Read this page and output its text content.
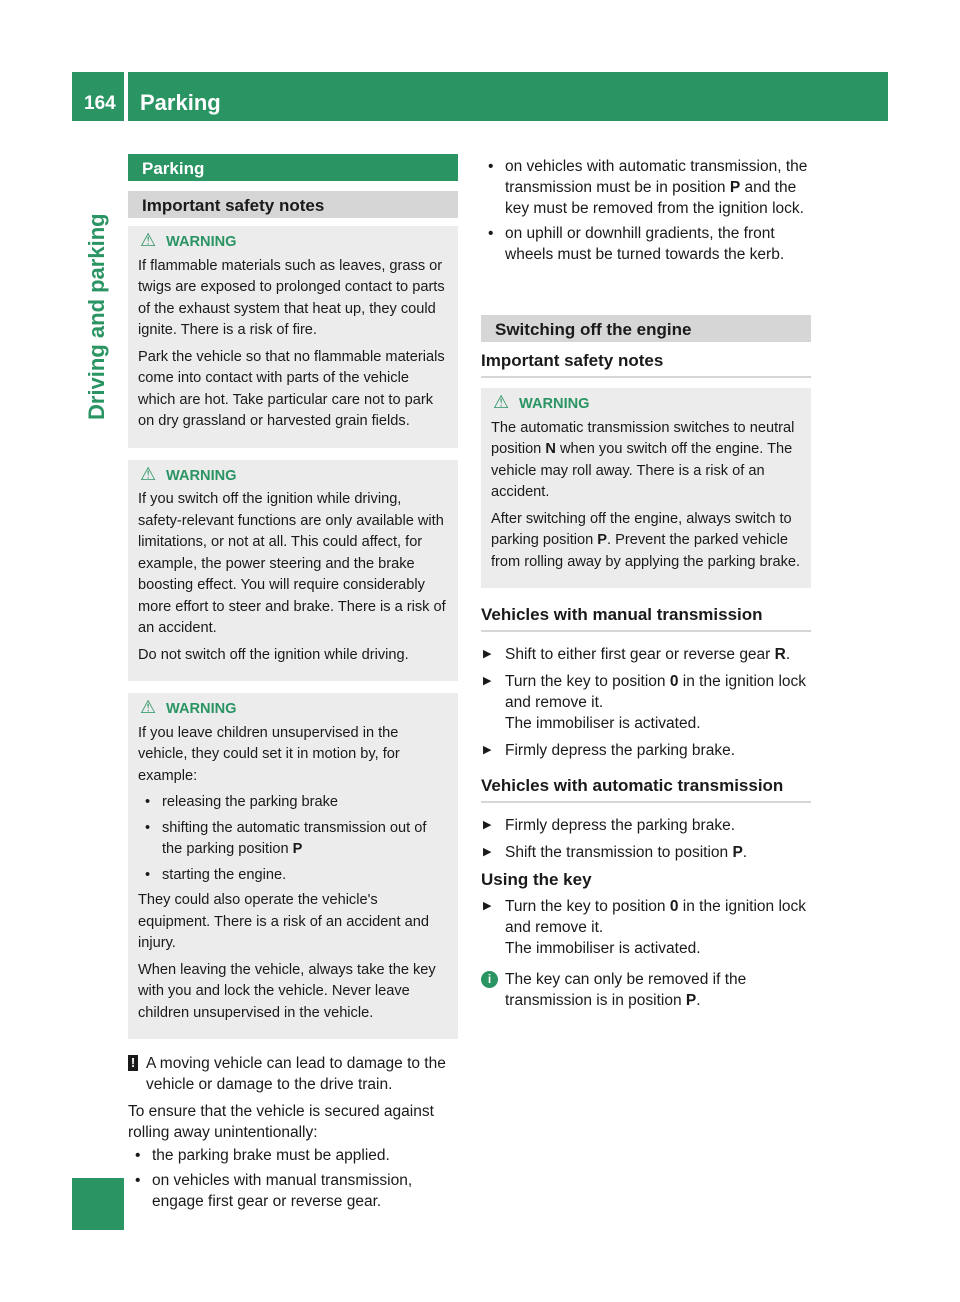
164 Parking
Driving and parking
Parking
Important safety notes
⚠ WARNING

If flammable materials such as leaves, grass or twigs are exposed to prolonged contact to parts of the exhaust system that heat up, they could ignite. There is a risk of fire.

Park the vehicle so that no flammable materials come into contact with parts of the vehicle which are hot. Take particular care not to park on dry grassland or harvested grain fields.

⚠ WARNING

If you switch off the ignition while driving, safety-relevant functions are only available with limitations, or not at all. This could affect, for example, the power steering and the brake boosting effect. You will require considerably more effort to steer and brake. There is a risk of an accident.

Do not switch off the ignition while driving.

⚠ WARNING

If you leave children unsupervised in the vehicle, they could set it in motion by, for example:

• releasing the parking brake
• shifting the automatic transmission out of the parking position P
• starting the engine.

They could also operate the vehicle's equipment. There is a risk of an accident and injury.

When leaving the vehicle, always take the key with you and lock the vehicle. Never leave children unsupervised in the vehicle.

! A moving vehicle can lead to damage to the vehicle or damage to the drive train.

To ensure that the vehicle is secured against rolling away unintentionally:

• the parking brake must be applied.
• on vehicles with manual transmission, engage first gear or reverse gear.
• on vehicles with automatic transmission, the transmission must be in position P and the key must be removed from the ignition lock.
• on uphill or downhill gradients, the front wheels must be turned towards the kerb.
Switching off the engine
Important safety notes
⚠ WARNING

The automatic transmission switches to neutral position N when you switch off the engine. The vehicle may roll away. There is a risk of an accident.

After switching off the engine, always switch to parking position P. Prevent the parked vehicle from rolling away by applying the parking brake.

Vehicles with manual transmission
▶ Shift to either first gear or reverse gear R.
▶ Turn the key to position 0 in the ignition lock and remove it.
The immobiliser is activated.
▶ Firmly depress the parking brake.
Vehicles with automatic transmission
▶ Firmly depress the parking brake.
▶ Shift the transmission to position P.
Using the key
▶ Turn the key to position 0 in the ignition lock and remove it.
The immobiliser is activated.
i The key can only be removed if the transmission is in position P.
